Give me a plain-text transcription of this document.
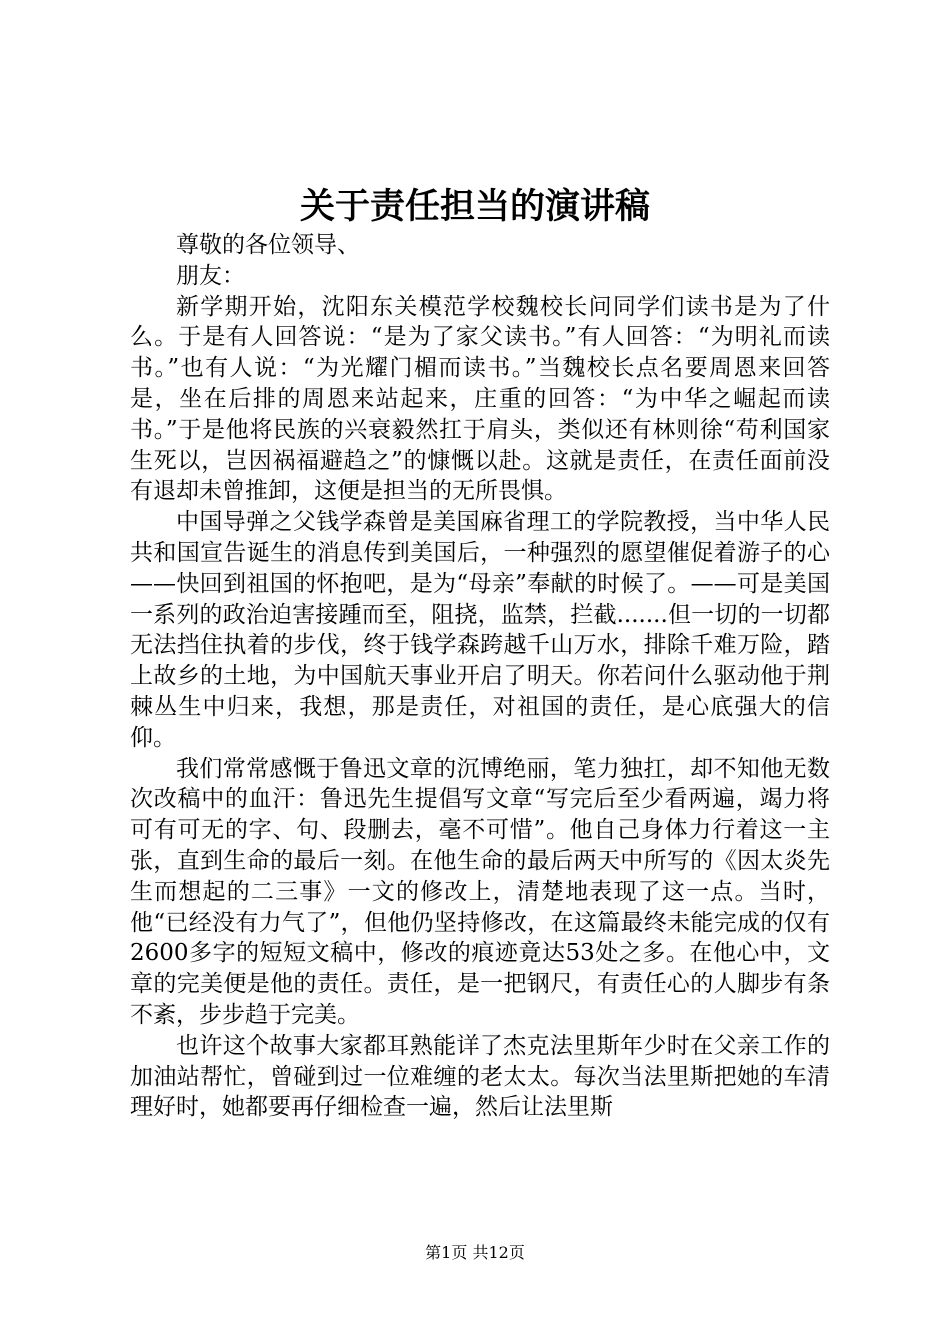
关于责任担当的演讲稿

尊敬的各位领导、

朋友：

新学期开始，沈阳东关模范学校魏校长问同学们读书是为了什么。于是有人回答说：“是为了家父读书。”有人回答：“为明礼而读书。”也有人说：“为光耀门楣而读书。”当魏校长点名要周恩来回答是，坐在后排的周恩来站起来，庄重的回答：“为中华之崛起而读书。”于是他将民族的兴衰毅然扛于肩头，类似还有林则徐“苟利国家生死以，岂因祸福避趋之”的慷慨以赴。这就是责任，在责任面前没有退却未曾推卸，这便是担当的无所畏惧。

中国导弹之父钱学森曾是美国麻省理工的学院教授，当中华人民共和国宣告诞生的消息传到美国后，一种强烈的愿望催促着游子的心——快回到祖国的怀抱吧，是为“母亲”奉献的时候了。——可是美国一系列的政治迫害接踵而至，阻挠，监禁，拦截.......但一切的一切都无法挡住执着的步伐，终于钱学森跨越千山万水，排除千难万险，踏上故乡的土地，为中国航天事业开启了明天。你若问什么驱动他于荆棘丛生中归来，我想，那是责任，对祖国的责任，是心底强大的信仰。

我们常常感慨于鲁迅文章的沉博绝丽，笔力独扛，却不知他无数次改稿中的血汗：鲁迅先生提倡写文章“写完后至少看两遍，竭力将可有可无的字、句、段删去，毫不可惜”。他自己身体力行着这一主张，直到生命的最后一刻。在他生命的最后两天中所写的《因太炎先生而想起的二三事》一文的修改上，清楚地表现了这一点。当时，他“已经没有力气了”，但他仍坚持修改，在这篇最终未能完成的仅有2600多字的短短文稿中，修改的痕迹竟达53处之多。在他心中，文章的完美便是他的责任。责任，是一把钢尺，有责任心的人脚步有条不紊，步步趋于完美。

也许这个故事大家都耳熟能详了杰克法里斯年少时在父亲工作的加油站帮忙，曾碰到过一位难缠的老太太。每次当法里斯把她的车清理好时，她都要再仔细检查一遍，然后让法里斯

第1页 共12页
